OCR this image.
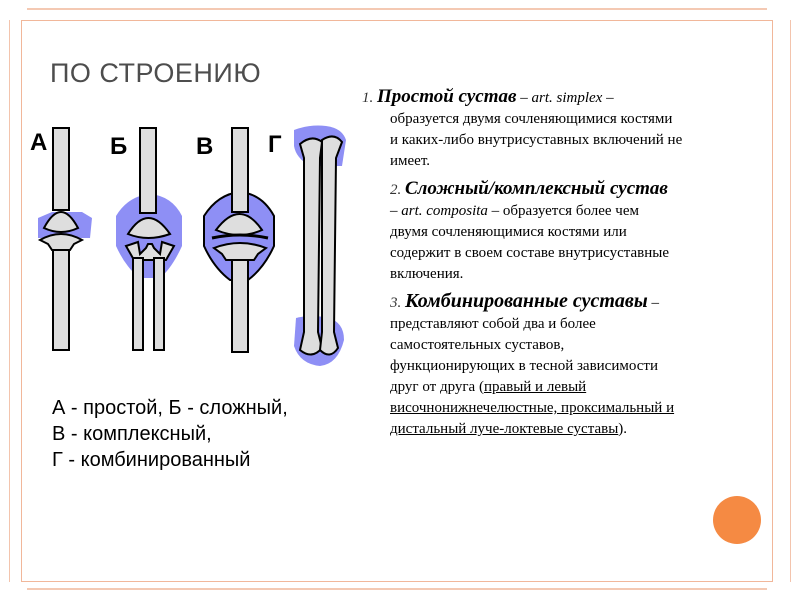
ПО СТРОЕНИЮ
А	Б	В Г
А - простой, Б - сложный,
В - комплексный,
Г - комбинированный
1. Простой сустав – art. simplex –
образуется двумя сочленяющимися костями
и каких-либо внутрисуставных включений не
имеет.
2. Сложный/комплексный сустав
– art. composita – образуется более чем
двумя сочленяющимися костями или
содержит в своем составе внутрисуставные
включения.
3. Комбинированные суставы –
представляют собой два и более
самостоятельных суставов,
функционирующих в тесной зависимости
друг от друга (правый и левый
височнонижнечелюстные, проксимальный и
дистальный луче-локтевые суставы).
